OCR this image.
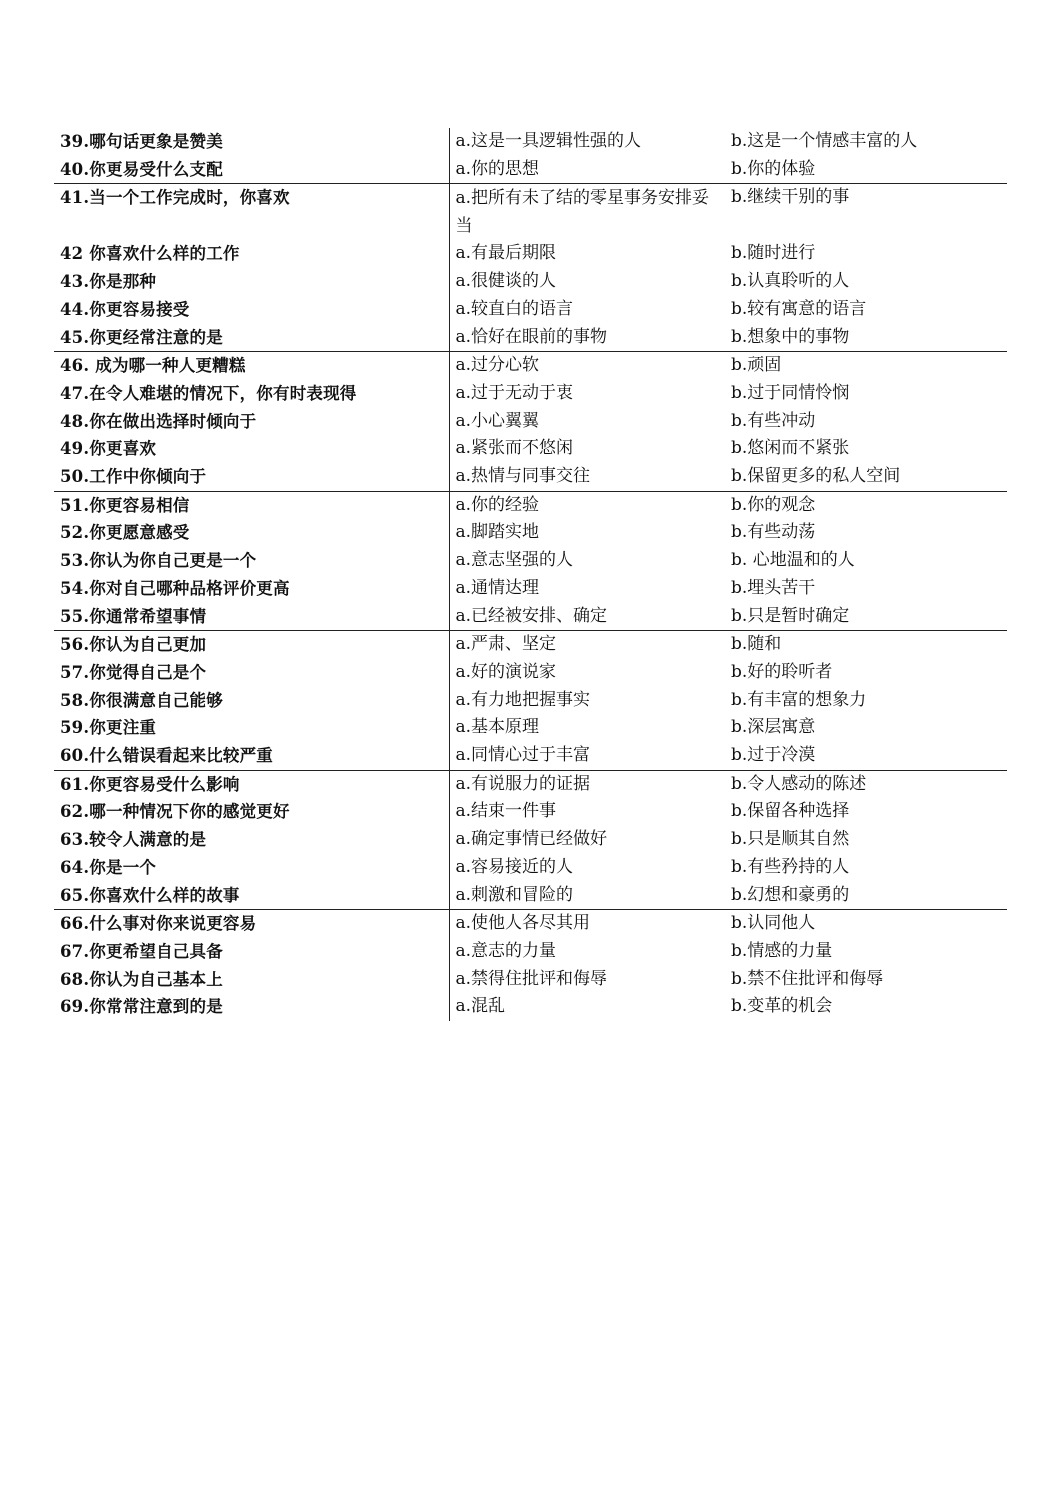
39.哪句话更象是赞美	a.这是一具逻辑性强的人	b.这是一个情感丰富的人
40.你更易受什么支配	a.你的思想	b.你的体验
41.当一个工作完成时，你喜欢	a.把所有未了结的零星事务安排妥当	b.继续干别的事
42 你喜欢什么样的工作	a.有最后期限	b.随时进行
43.你是那种	a.很健谈的人	b.认真聆听的人
44.你更容易接受	a.较直白的语言	b.较有寓意的语言
45.你更经常注意的是	a.恰好在眼前的事物	b.想象中的事物
46. 成为哪一种人更糟糕	a.过分心软	b.顽固
47.在令人难堪的情况下，你有时表现得	a.过于无动于衷	b.过于同情怜悯
48.你在做出选择时倾向于	a.小心翼翼	b.有些冲动
49.你更喜欢	a.紧张而不悠闲	b.悠闲而不紧张
50.工作中你倾向于	a.热情与同事交往	b.保留更多的私人空间
51.你更容易相信	a.你的经验	b.你的观念
52.你更愿意感受	a.脚踏实地	b.有些动荡
53.你认为你自己更是一个	a.意志坚强的人	b. 心地温和的人
54.你对自己哪种品格评价更高	a.通情达理	b.埋头苦干
55.你通常希望事情	a.已经被安排、确定	b.只是暂时确定
56.你认为自己更加	a.严肃、坚定	b.随和
57.你觉得自己是个	a.好的演说家	b.好的聆听者
58.你很满意自己能够	a.有力地把握事实	b.有丰富的想象力
59.你更注重	a.基本原理	b.深层寓意
60.什么错误看起来比较严重	a.同情心过于丰富	b.过于冷漠
61.你更容易受什么影响	a.有说服力的证据	b.令人感动的陈述
62.哪一种情况下你的感觉更好	a.结束一件事	b.保留各种选择
63.较令人满意的是	a.确定事情已经做好	b.只是顺其自然
64.你是一个	a.容易接近的人	b.有些矜持的人
65.你喜欢什么样的故事	a.刺激和冒险的	b.幻想和豪勇的
66.什么事对你来说更容易	a.使他人各尽其用	b.认同他人
67.你更希望自己具备	a.意志的力量	b.情感的力量
68.你认为自己基本上	a.禁得住批评和侮辱	b.禁不住批评和侮辱
69.你常常注意到的是	a.混乱	b.变革的机会
